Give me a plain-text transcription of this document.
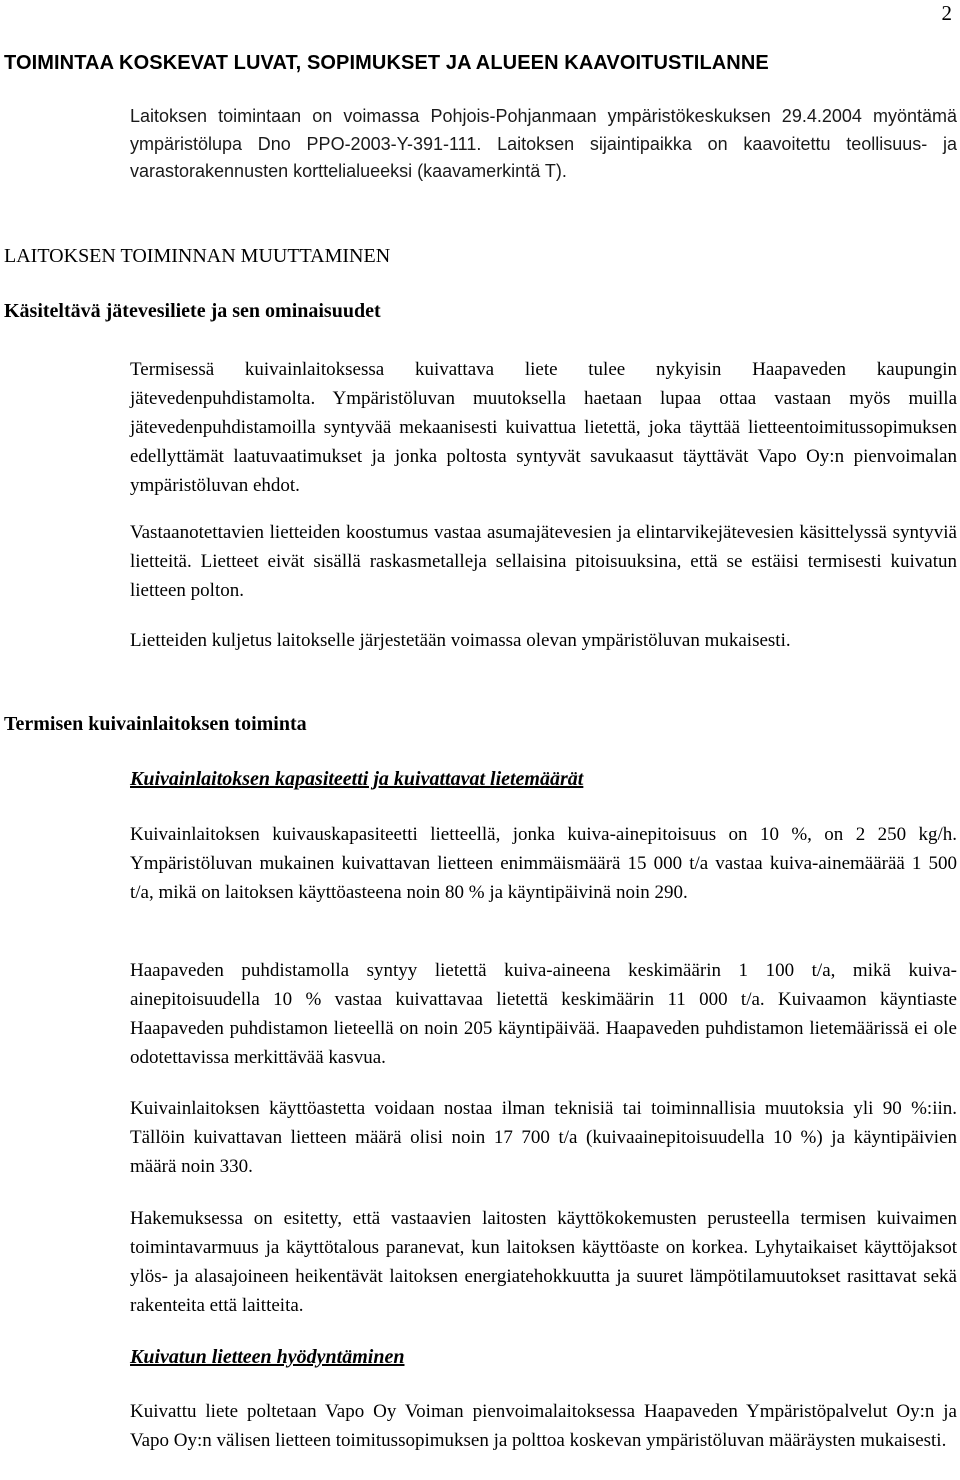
2
TOIMINTAA KOSKEVAT LUVAT, SOPIMUKSET JA ALUEEN KAAVOITUSTILANNE
Laitoksen toimintaan on voimassa Pohjois-Pohjanmaan ympäristökeskuksen 29.4.2004 myöntämä ympäristölupa Dno PPO-2003-Y-391-111. Laitoksen sijaintipaikka on kaavoitettu teollisuus- ja varastorakennusten korttelialueeksi (kaavamerkintä T).
LAITOKSEN TOIMINNAN MUUTTAMINEN
Käsiteltävä jätevesiliete ja sen ominaisuudet
Termisessä kuivainlaitoksessa kuivattava liete tulee nykyisin Haapaveden kaupungin jätevedenpuhdistamolta. Ympäristöluvan muutoksella haetaan lupaa ottaa vastaan myös muilla jätevedenpuhdistamoilla syntyvää mekaanisesti kuivattua lietettä, joka täyttää lietteentoimitussopimuksen edellyttämät laatuvaatimukset ja jonka poltosta syntyvät savukaasut täyttävät Vapo Oy:n pienvoimalan ympäristöluvan ehdot.
Vastaanotettavien lietteiden koostumus vastaa asumajätevesien ja elintarvikejätevesien käsittelyssä syntyviä lietteitä. Lietteet eivät sisällä raskasmetalleja sellaisina pitoisuuksina, että se estäisi termisesti kuivatun lietteen polton.
Lietteiden kuljetus laitokselle järjestetään voimassa olevan ympäristöluvan mukaisesti.
Termisen kuivainlaitoksen toiminta
Kuivainlaitoksen kapasiteetti ja kuivattavat lietemäärät
Kuivainlaitoksen kuivauskapasiteetti lietteellä, jonka kuiva-ainepitoisuus on 10 %, on 2 250 kg/h. Ympäristöluvan mukainen kuivattavan lietteen enimmäismäärä 15 000 t/a vastaa kuiva-ainemäärää 1 500 t/a, mikä on laitoksen käyttöasteena noin 80 % ja käyntipäivinä noin 290.
Haapaveden puhdistamolla syntyy lietettä kuiva-aineena keskimäärin 1 100 t/a, mikä kuiva-ainepitoisuudella 10 % vastaa kuivattavaa lietettä keskimäärin 11 000 t/a. Kuivaamon käyntiaste Haapaveden puhdistamon lieteellä on noin 205 käyntipäivää. Haapaveden puhdistamon lietemäärissä ei ole odotettavissa merkittävää kasvua.
Kuivainlaitoksen käyttöastetta voidaan nostaa ilman teknisiä tai toiminnallisia muutoksia yli 90 %:iin. Tällöin kuivattavan lietteen määrä olisi noin 17 700 t/a (kuivaainepitoisuudella 10 %) ja käyntipäivien määrä noin 330.
Hakemuksessa on esitetty, että vastaavien laitosten käyttökokemusten perusteella termisen kuivaimen toimintavarmuus ja käyttötalous paranevat, kun laitoksen käyttöaste on korkea. Lyhytaikaiset käyttöjaksot ylös- ja alasajoineen heikentävät laitoksen energiatehokkuutta ja suuret lämpötilamuutokset rasittavat sekä rakenteita että laitteita.
Kuivatun lietteen hyödyntäminen
Kuivattu liete poltetaan Vapo Oy Voiman pienvoimalaitoksessa Haapaveden Ympäristöpalvelut Oy:n ja Vapo Oy:n välisen lietteen toimitussopimuksen ja polttoa koskevan ympäristöluvan määräysten mukaisesti.
